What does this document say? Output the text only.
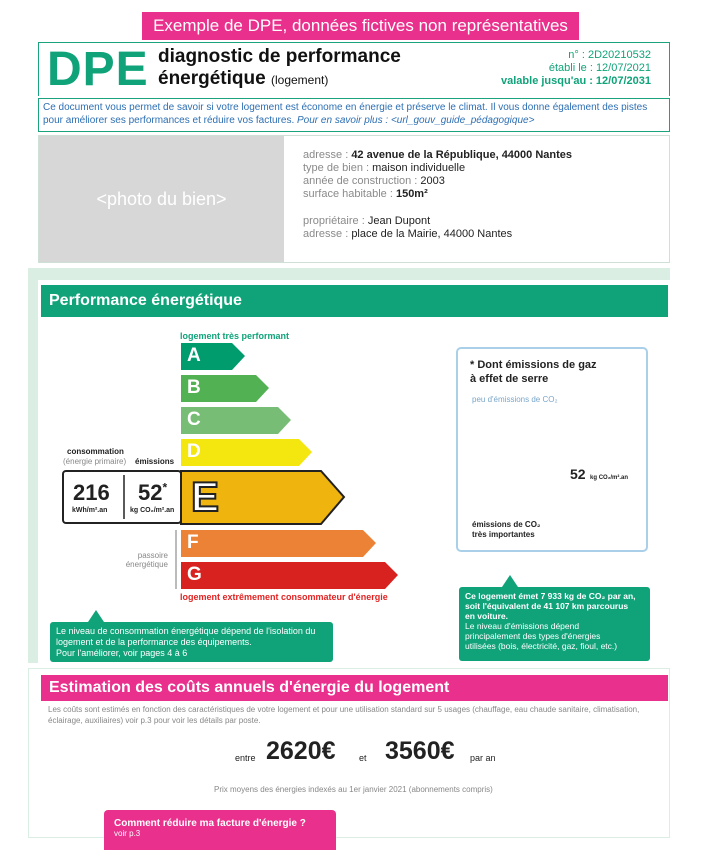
Exemple de DPE, données fictives non représentatives
DPE diagnostic de performance
énergétique (logement)
n° : 2D20210532
établi le : 12/07/2021
valable jusqu'au : 12/07/2031
Ce document vous permet de savoir si votre logement est économe en énergie et préserve le climat. Il vous donne également des pistes pour améliorer ses performances et réduire vos factures. Pour en savoir plus : <url_gouv_guide_pédagogique>
<photo du bien>
adresse : 42 avenue de la République, 44000 Nantes
type de bien : maison individuelle
année de construction : 2003
surface habitable : 150m²
propriétaire : Jean Dupont
adresse : place de la Mairie, 44000 Nantes
Performance énergétique
logement très performant
A
B
C
D
E
F
G
logement extrêmement consommateur d'énergie
consommation
(énergie primaire) émissions
216
kWh/m².an
52*
kg CO₂/m².an
passoire
énergétique
Le niveau de consommation énergétique dépend de l'isolation du logement et de la performance des équipements.
Pour l'améliorer, voir pages 4 à 6
* Dont émissions de gaz
à effet de serre
peu d'émissions de CO₂
émissions de CO₂
très importantes
A
B
C
D
E
F
G
52 kg CO₂/m².an
Ce logement émet 7 933 kg de CO₂ par an,
soit l'équivalent de 41 107 km parcourus
en voiture.
Le niveau d'émissions dépend
principalement des types d'énergies
utilisées (bois, électricité, gaz, fioul, etc.)
Estimation des coûts annuels d'énergie du logement
Les coûts sont estimés en fonction des caractéristiques de votre logement et pour une utilisation standard sur 5 usages (chauffage, eau chaude sanitaire, climatisation, éclairage, auxiliaires) voir p.3 pour voir les détails par poste.
entre 2620€	et 3560€ par an
Prix moyens des énergies indexés au 1er janvier 2021 (abonnements compris)
Comment réduire ma facture d'énergie ?
voir p.3
